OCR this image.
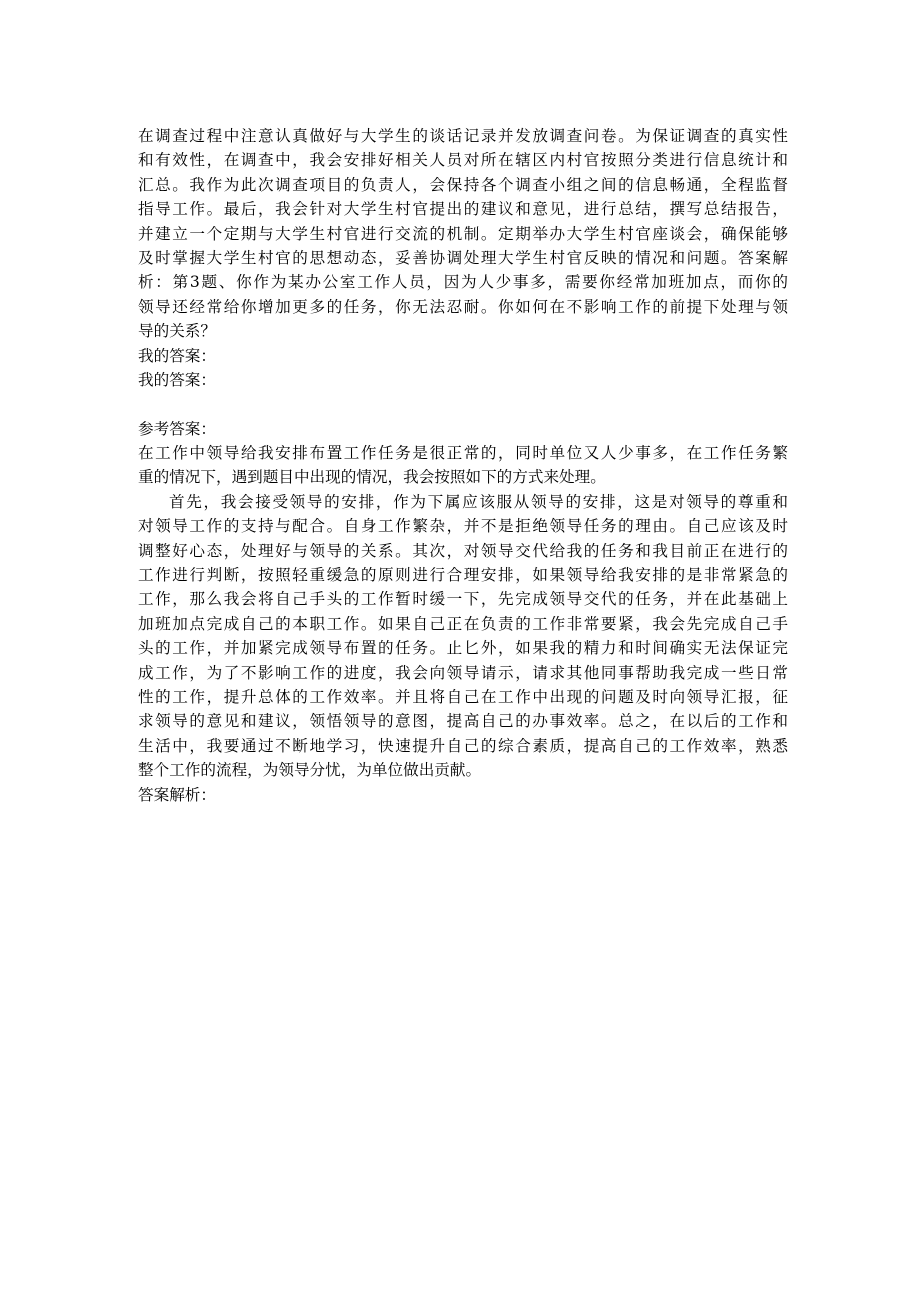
在调查过程中注意认真做好与大学生的谈话记录并发放调查问卷。为保证调查的真实性
和有效性，在调查中，我会安排好相关人员对所在辖区内村官按照分类进行信息统计和
汇总。我作为此次调查项目的负责人，会保持各个调查小组之间的信息畅通，全程监督
指导工作。最后，我会针对大学生村官提出的建议和意见，进行总结，撰写总结报告，
并建立一个定期与大学生村官进行交流的机制。定期举办大学生村官座谈会，确保能够
及时掌握大学生村官的思想动态，妥善协调处理大学生村官反映的情况和问题。答案解
析：第3题、你作为某办公室工作人员，因为人少事多，需要你经常加班加点，而你的
领导还经常给你增加更多的任务，你无法忍耐。你如何在不影响工作的前提下处理与领
导的关系？
我的答案：
我的答案：
参考答案：
在工作中领导给我安排布置工作任务是很正常的，同时单位又人少事多，在工作任务繁
重的情况下，遇到题目中出现的情况，我会按照如下的方式来处理。
首先，我会接受领导的安排，作为下属应该服从领导的安排，这是对领导的尊重和
对领导工作的支持与配合。自身工作繁杂，并不是拒绝领导任务的理由。自己应该及时
调整好心态，处理好与领导的关系。其次，对领导交代给我的任务和我目前正在进行的
工作进行判断，按照轻重缓急的原则进行合理安排，如果领导给我安排的是非常紧急的
工作，那么我会将自己手头的工作暂时缓一下，先完成领导交代的任务，并在此基础上
加班加点完成自己的本职工作。如果自己正在负责的工作非常要紧，我会先完成自己手
头的工作，并加紧完成领导布置的任务。止匕外，如果我的精力和时间确实无法保证完
成工作，为了不影响工作的进度，我会向领导请示，请求其他同事帮助我完成一些日常
性的工作，提升总体的工作效率。并且将自己在工作中出现的问题及时向领导汇报，征
求领导的意见和建议，领悟领导的意图，提高自己的办事效率。总之，在以后的工作和
生活中，我要通过不断地学习，快速提升自己的综合素质，提高自己的工作效率，熟悉
整个工作的流程，为领导分忧，为单位做出贡献。
答案解析：
